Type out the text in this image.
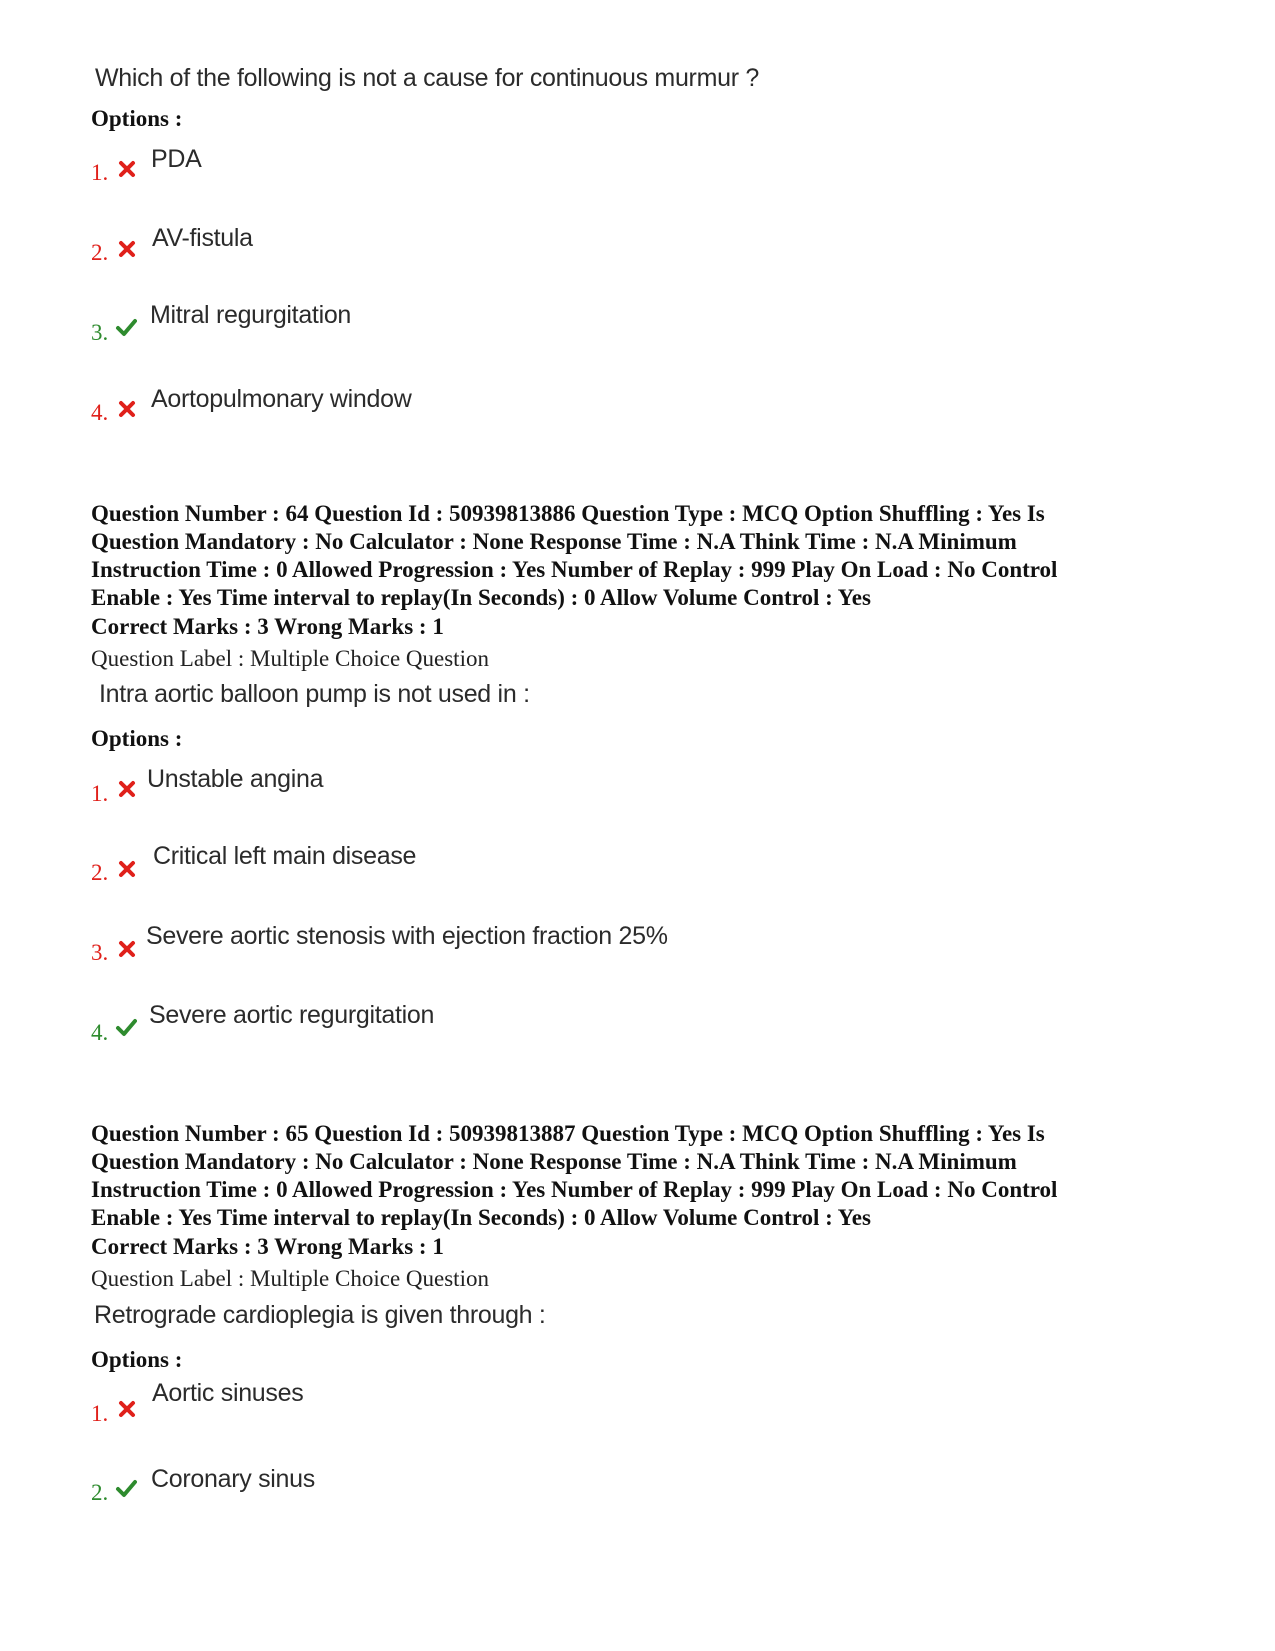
Which of the following is not a cause for continuous murmur ?
Options :
1. PDA
2.
AV-fistula
3.
Mitral regurgitation
4. Aortopulmonary window
Question Number : 64 Question Id : 50939813886 Question Type : MCQ Option Shuffling : Yes Is
Question Mandatory : No Calculator : None Response Time : N.A Think Time : N.A Minimum
Instruction Time : 0 Allowed Progression : Yes Number of Replay : 999 Play On Load : No Control
Enable : Yes Time interval to replay(In Seconds) : 0 Allow Volume Control : Yes
Correct Marks : 3 Wrong Marks : 1
Question Label : Multiple Choice Question
Intra aortic balloon pump is not used in :
Options :
1.
Unstable angina
2.
Critical left main disease
3.
Severe aortic stenosis with ejection fraction 25%
4.
Severe aortic regurgitation
Question Number : 65 Question Id : 50939813887 Question Type : MCQ Option Shuffling : Yes Is
Question Mandatory : No Calculator : None Response Time : N.A Think Time : N.A Minimum
Instruction Time : 0 Allowed Progression : Yes Number of Replay : 999 Play On Load : No Control
Enable : Yes Time interval to replay(In Seconds) : 0 Allow Volume Control : Yes
Correct Marks : 3 Wrong Marks : 1
Question Label : Multiple Choice Question
Retrograde cardioplegia is given through :
Options :
1.
Aortic sinuses
2. Coronary sinus
